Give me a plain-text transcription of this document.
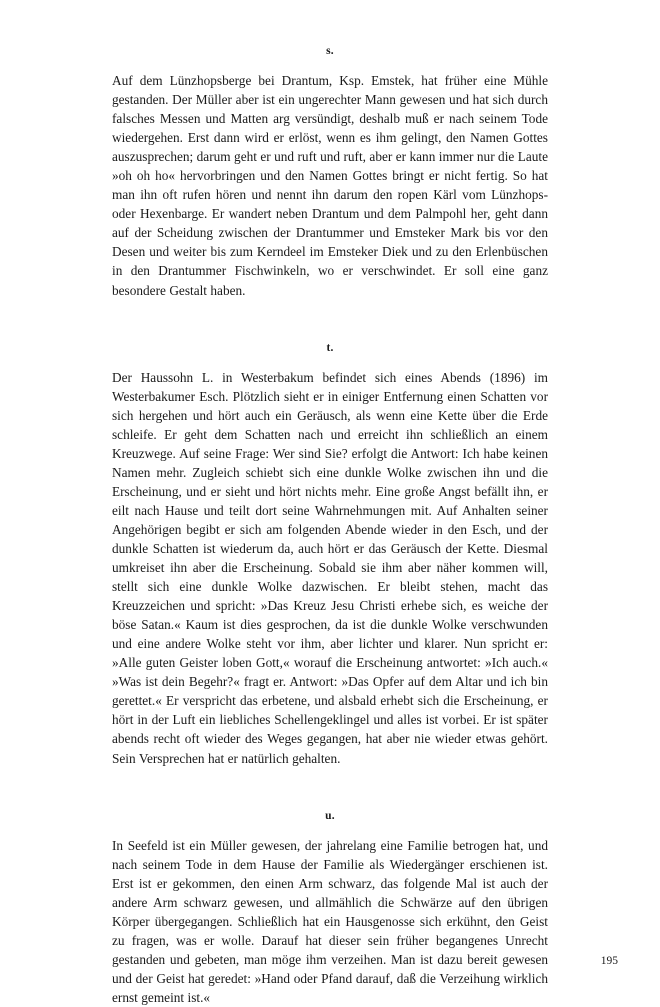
s.

Auf dem Lünzhopsberge bei Drantum, Ksp. Emstek, hat früher eine Mühle gestanden. Der Müller aber ist ein ungerechter Mann gewesen und hat sich durch falsches Messen und Matten arg versündigt, deshalb muß er nach seinem Tode wiedergehen. Erst dann wird er erlöst, wenn es ihm gelingt, den Namen Gottes auszusprechen; darum geht er und ruft und ruft, aber er kann immer nur die Laute »oh oh ho« hervorbringen und den Namen Gottes bringt er nicht fertig. So hat man ihn oft rufen hören und nennt ihn darum den ropen Kärl vom Lünzhops- oder Hexenbarge. Er wandert neben Drantum und dem Palmpohl her, geht dann auf der Scheidung zwischen der Drantummer und Emsteker Mark bis vor den Desen und weiter bis zum Kerndeel im Emsteker Diek und zu den Erlenbüschen in den Drantummer Fischwinkeln, wo er verschwindet. Er soll eine ganz besondere Gestalt haben.

t.

Der Haussohn L. in Westerbakum befindet sich eines Abends (1896) im Westerbakumer Esch. Plötzlich sieht er in einiger Entfernung einen Schatten vor sich hergehen und hört auch ein Geräusch, als wenn eine Kette über die Erde schleife. Er geht dem Schatten nach und erreicht ihn schließlich an einem Kreuzwege. Auf seine Frage: Wer sind Sie? erfolgt die Antwort: Ich habe keinen Namen mehr. Zugleich schiebt sich eine dunkle Wolke zwischen ihn und die Erscheinung, und er sieht und hört nichts mehr. Eine große Angst befällt ihn, er eilt nach Hause und teilt dort seine Wahrnehmungen mit. Auf Anhalten seiner Angehörigen begibt er sich am folgenden Abende wieder in den Esch, und der dunkle Schatten ist wiederum da, auch hört er das Geräusch der Kette. Diesmal umkreiset ihn aber die Erscheinung. Sobald sie ihm aber näher kommen will, stellt sich eine dunkle Wolke dazwischen. Er bleibt stehen, macht das Kreuzzeichen und spricht: »Das Kreuz Jesu Christi erhebe sich, es weiche der böse Satan.« Kaum ist dies gesprochen, da ist die dunkle Wolke verschwunden und eine andere Wolke steht vor ihm, aber lichter und klarer. Nun spricht er: »Alle guten Geister loben Gott,« worauf die Erscheinung antwortet: »Ich auch.« »Was ist dein Begehr?« fragt er. Antwort: »Das Opfer auf dem Altar und ich bin gerettet.« Er verspricht das erbetene, und alsbald erhebt sich die Erscheinung, er hört in der Luft ein liebliches Schellengeklingel und alles ist vorbei. Er ist später abends recht oft wieder des Weges gegangen, hat aber nie wieder etwas gehört. Sein Versprechen hat er natürlich gehalten.

u.

In Seefeld ist ein Müller gewesen, der jahrelang eine Familie betrogen hat, und nach seinem Tode in dem Hause der Familie als Wiedergänger erschienen ist. Erst ist er gekommen, den einen Arm schwarz, das folgende Mal ist auch der andere Arm schwarz gewesen, und allmählich die Schwärze auf den übrigen Körper übergegangen. Schließlich hat ein Hausgenosse sich erkühnt, den Geist zu fragen, was er wolle. Darauf hat dieser sein früher begangenes Unrecht gestanden und gebeten, man möge ihm verzeihen. Man ist dazu bereit gewesen und der Geist hat geredet: »Hand oder Pfand darauf, daß die Verzeihung wirklich ernst gemeint ist.«

195
